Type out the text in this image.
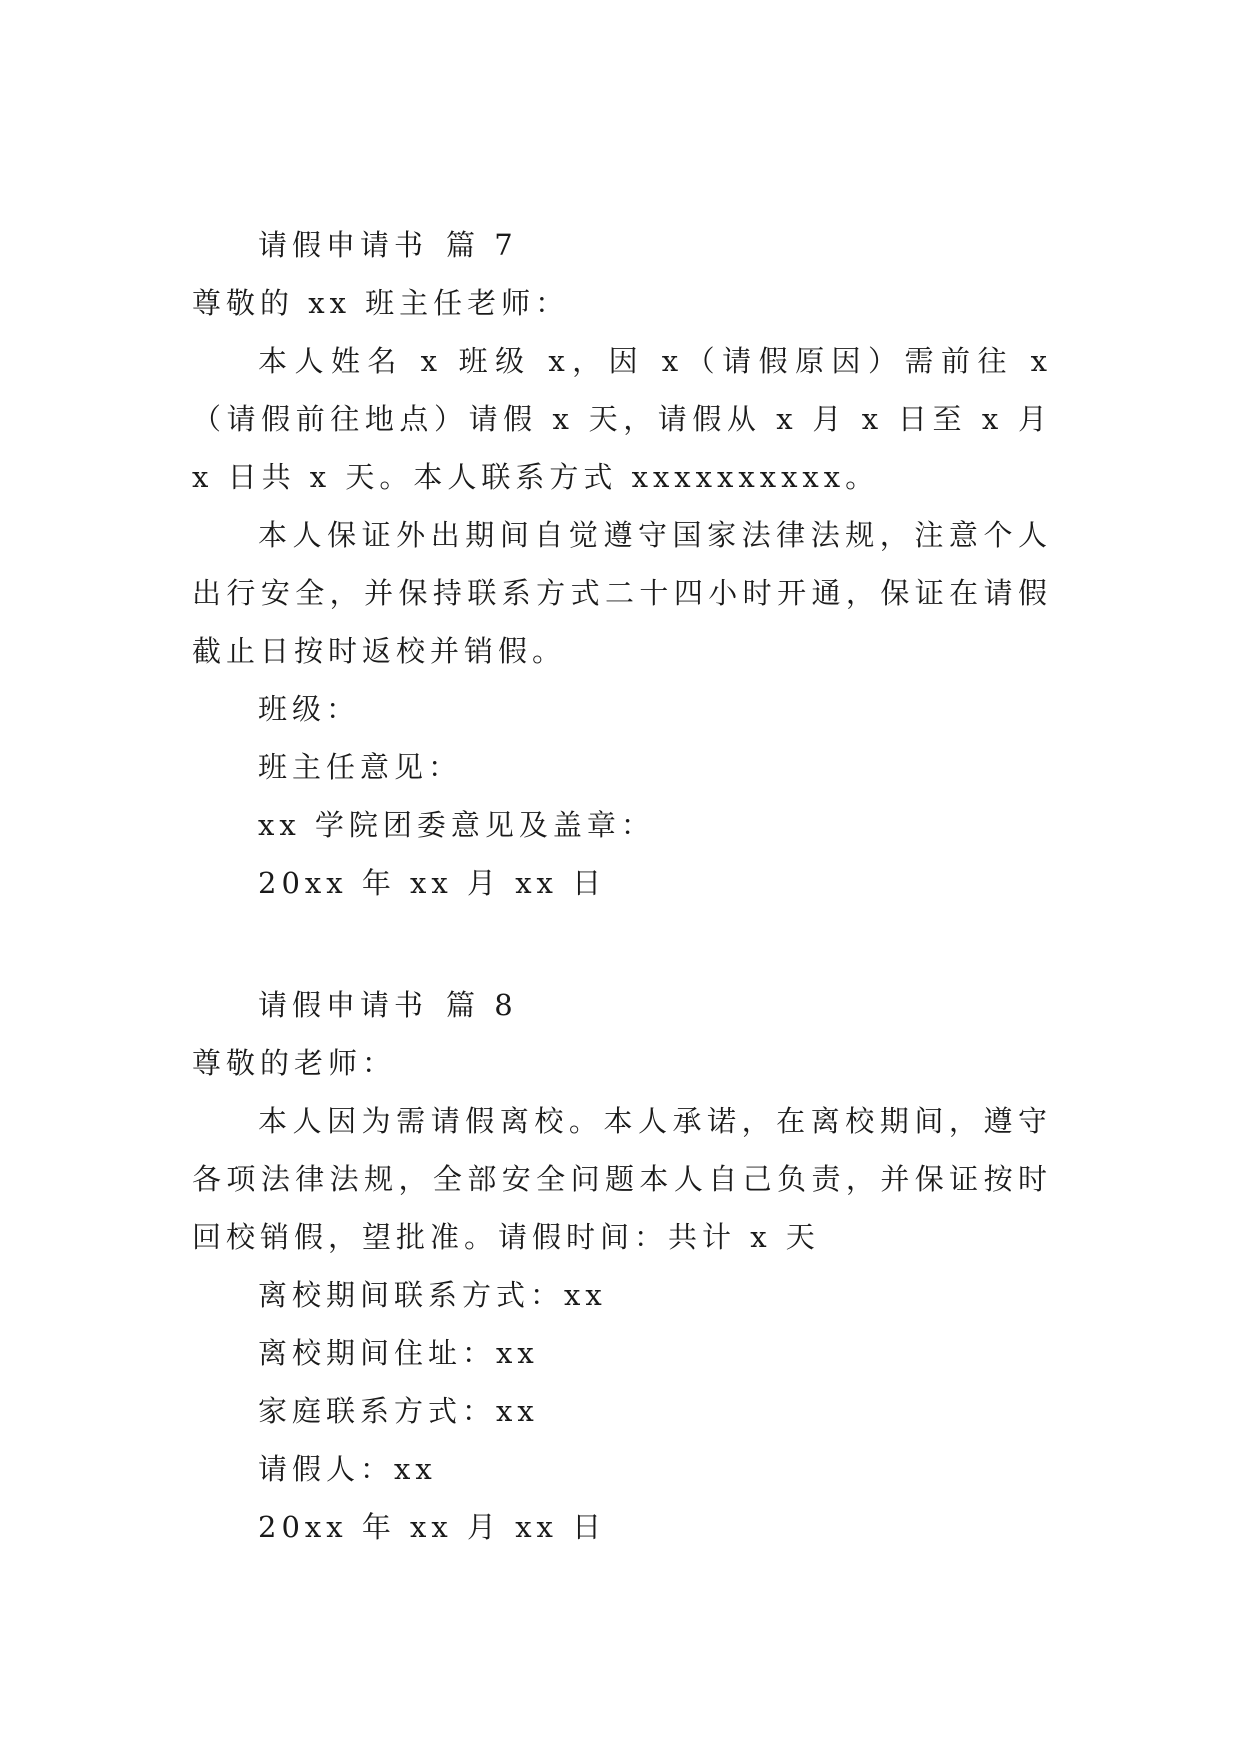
请假申请书 篇 7
尊敬的 xx 班主任老师：

本人姓名 x 班级 x，因 x（请假原因）需前往 x（请假前往地点）请假 x 天，请假从 x 月 x 日至 x 月 x 日共 x 天。本人联系方式 xxxxxxxxxx。

本人保证外出期间自觉遵守国家法律法规，注意个人出行安全，并保持联系方式二十四小时开通，保证在请假截止日按时返校并销假。

班级：
班主任意见：
xx 学院团委意见及盖章：
20xx 年 xx 月 xx 日
请假申请书 篇 8
尊敬的老师：

本人因为需请假离校。本人承诺，在离校期间，遵守各项法律法规，全部安全问题本人自己负责，并保证按时回校销假，望批准。请假时间：共计 x 天

离校期间联系方式：xx
离校期间住址：xx
家庭联系方式：xx
请假人：xx
20xx 年 xx 月 xx 日
